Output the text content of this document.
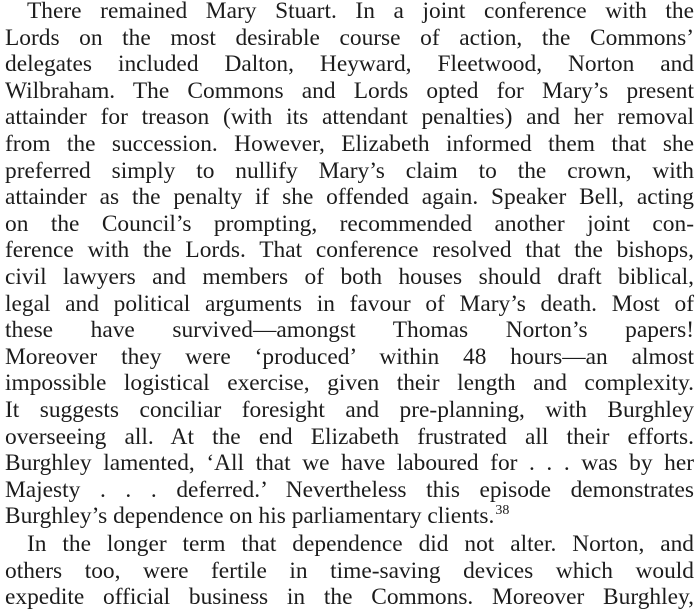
There remained Mary Stuart. In a joint conference with the
Lords on the most desirable course of action, the Commons’
delegates included Dalton, Heyward, Fleetwood, Norton and
Wilbraham. The Commons and Lords opted for Mary’s present
attainder for treason (with its attendant penalties) and her removal
from the succession. However, Elizabeth informed them that she
preferred simply to nullify Mary’s claim to the crown, with
attainder as the penalty if she offended again. Speaker Bell, acting
on the Council’s prompting, recommended another joint con-
ference with the Lords. That conference resolved that the bishops,
civil lawyers and members of both houses should draft biblical,
legal and political arguments in favour of Mary’s death. Most of
these have survived—amongst Thomas Norton’s papers!
Moreover they were ‘produced’ within 48 hours—an almost
impossible logistical exercise, given their length and complexity.
It suggests conciliar foresight and pre-planning, with Burghley
overseeing all. At the end Elizabeth frustrated all their efforts.
Burghley lamented, ‘All that we have laboured for . . . was by her
Majesty . . . deferred.’ Nevertheless this episode demonstrates
Burghley’s dependence on his parliamentary clients.$^{38}$
In the longer term that dependence did not alter. Norton, and
others too, were fertile in time-saving devices which would
expedite official business in the Commons. Moreover Burghley,
